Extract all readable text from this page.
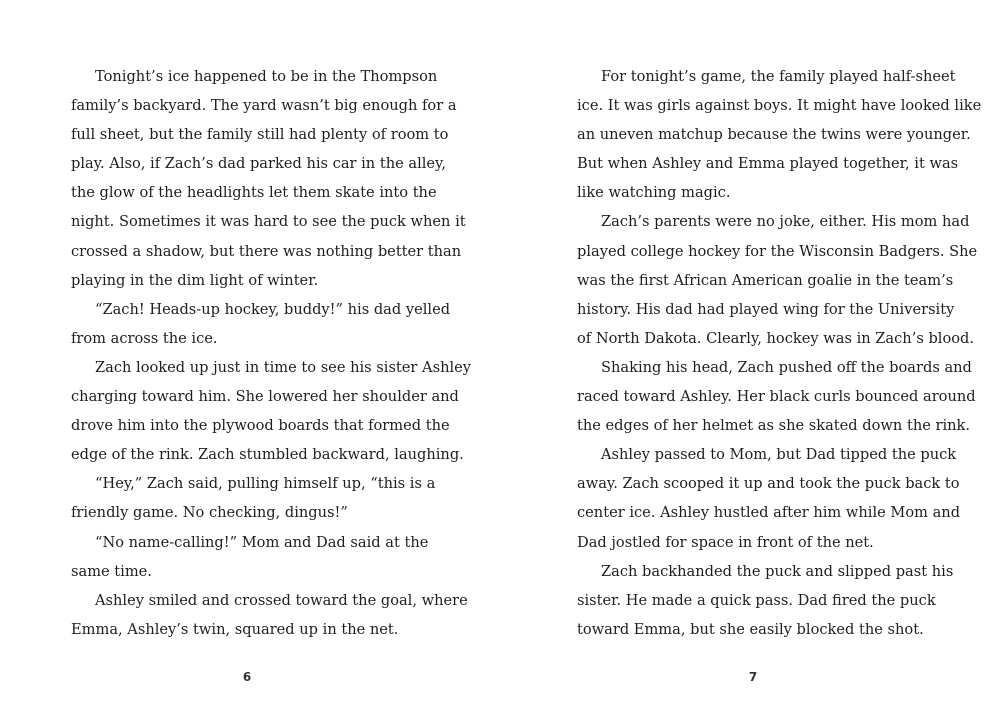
Tonight’s ice happened to be in the Thompson
family’s backyard. The yard wasn’t big enough for a
full sheet, but the family still had plenty of room to
play. Also, if Zach’s dad parked his car in the alley,
the glow of the headlights let them skate into the
night. Sometimes it was hard to see the puck when it
crossed a shadow, but there was nothing better than
playing in the dim light of winter.
“Zach! Heads-up hockey, buddy!” his dad yelled
from across the ice.
Zach looked up just in time to see his sister Ashley
charging toward him. She lowered her shoulder and
drove him into the plywood boards that formed the
edge of the rink. Zach stumbled backward, laughing.
“Hey,” Zach said, pulling himself up, “this is a
friendly game. No checking, dingus!”
“No name-calling!” Mom and Dad said at the
same time.
Ashley smiled and crossed toward the goal, where
Emma, Ashley’s twin, squared up in the net.
For tonight’s game, the family played half-sheet
ice. It was girls against boys. It might have looked like
an uneven matchup because the twins were younger.
But when Ashley and Emma played together, it was
like watching magic.
Zach’s parents were no joke, either. His mom had
played college hockey for the Wisconsin Badgers. She
was the first African American goalie in the team’s
history. His dad had played wing for the University
of North Dakota. Clearly, hockey was in Zach’s blood.
Shaking his head, Zach pushed off the boards and
raced toward Ashley. Her black curls bounced around
the edges of her helmet as she skated down the rink.
Ashley passed to Mom, but Dad tipped the puck
away. Zach scooped it up and took the puck back to
center ice. Ashley hustled after him while Mom and
Dad jostled for space in front of the net.
Zach backhanded the puck and slipped past his
sister. He made a quick pass. Dad fired the puck
toward Emma, but she easily blocked the shot.
6	7
